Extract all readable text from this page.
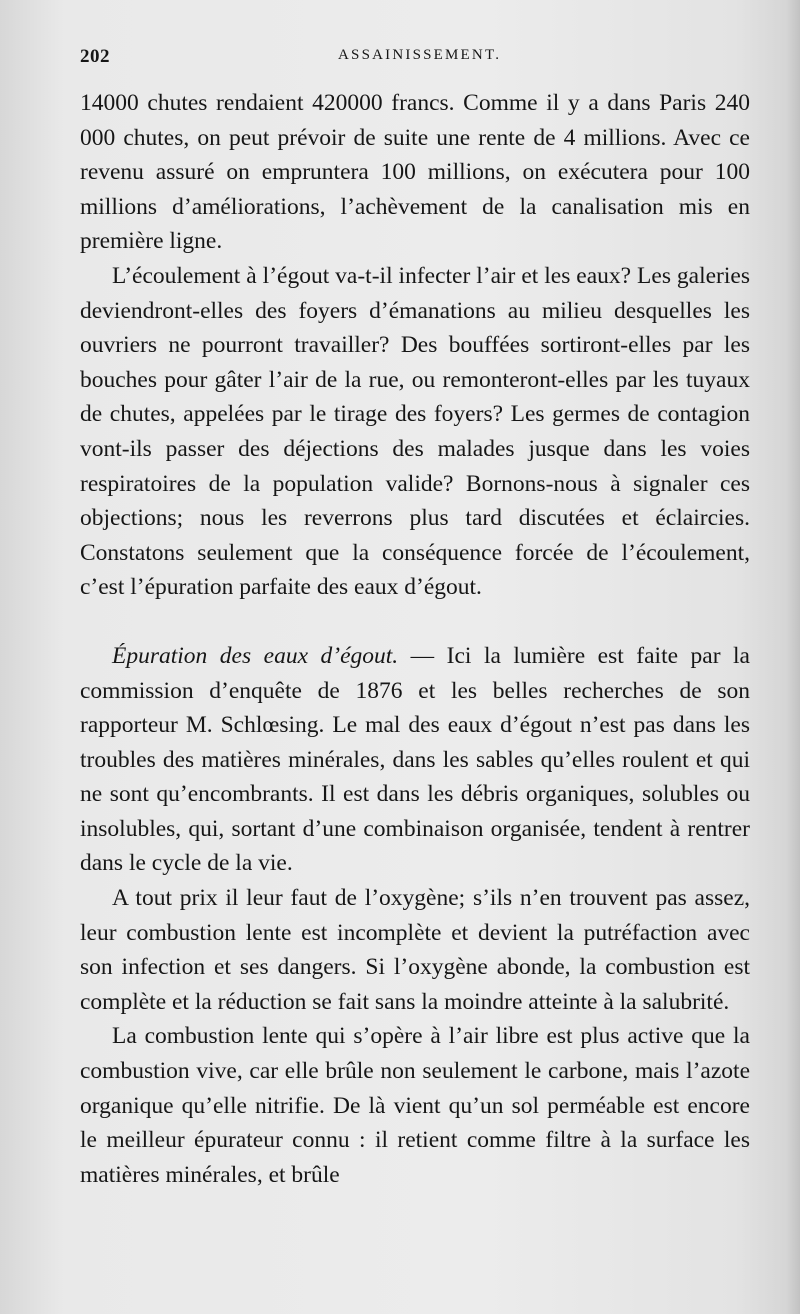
202	ASSAINISSEMENT.

14000 chutes rendaient 420000 francs. Comme il y a dans Paris 240 000 chutes, on peut prévoir de suite une rente de 4 millions. Avec ce revenu assuré on empruntera 100 millions, on exécutera pour 100 millions d’améliorations, l’achèvement de la canalisation mis en première ligne.

L’écoulement à l’égout va-t-il infecter l’air et les eaux? Les galeries deviendront-elles des foyers d’émanations au milieu desquelles les ouvriers ne pourront travailler? Des bouffées sortiront-elles par les bouches pour gâter l’air de la rue, ou remonteront-elles par les tuyaux de chutes, appelées par le tirage des foyers? Les germes de contagion vont-ils passer des déjections des malades jusque dans les voies respiratoires de la population valide? Bornons-nous à signaler ces objections; nous les reverrons plus tard discutées et éclaircies. Constatons seulement que la conséquence forcée de l’écoulement, c’est l’épuration parfaite des eaux d’égout.

Épuration des eaux d’égout. — Ici la lumière est faite par la commission d’enquête de 1876 et les belles recherches de son rapporteur M. Schlœsing. Le mal des eaux d’égout n’est pas dans les troubles des matières minérales, dans les sables qu’elles roulent et qui ne sont qu’encombrants. Il est dans les débris organiques, solubles ou insolubles, qui, sortant d’une combinaison organisée, tendent à rentrer dans le cycle de la vie.

A tout prix il leur faut de l’oxygène; s’ils n’en trouvent pas assez, leur combustion lente est incomplète et devient la putréfaction avec son infection et ses dangers. Si l’oxygène abonde, la combustion est complète et la réduction se fait sans la moindre atteinte à la salubrité.

La combustion lente qui s’opère à l’air libre est plus active que la combustion vive, car elle brûle non seulement le carbone, mais l’azote organique qu’elle nitrifie. De là vient qu’un sol perméable est encore le meilleur épurateur connu : il retient comme filtre à la surface les matières minérales, et brûle
